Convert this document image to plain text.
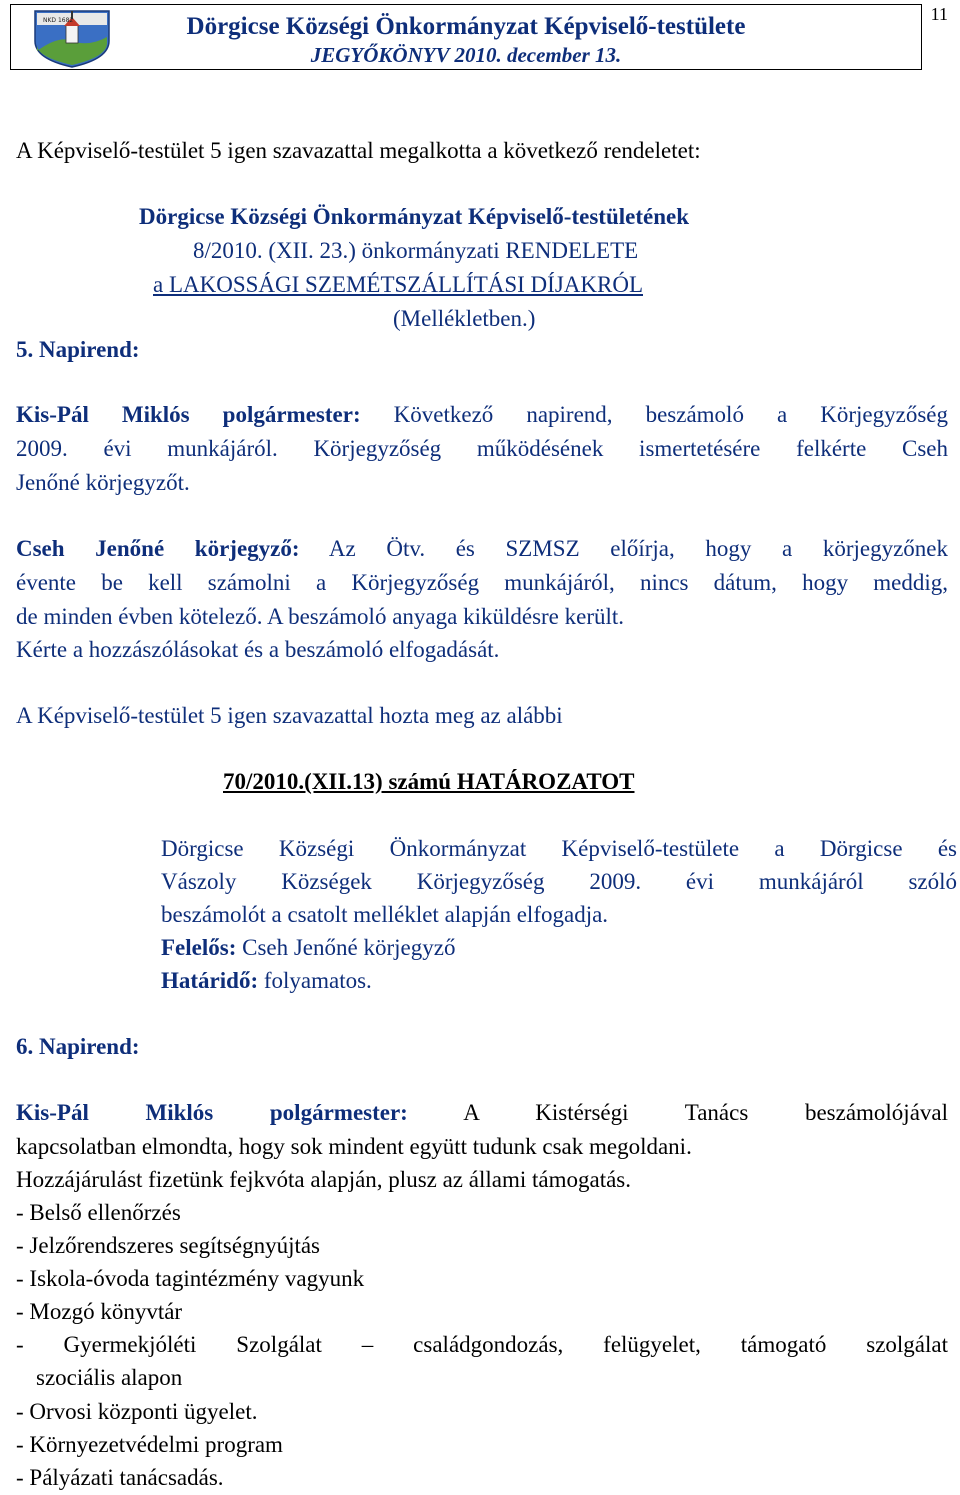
NKD 1682	Dörgicse Községi Önkormányzat Képviselő-testülete
JEGYŐKÖNYV 2010. december 13.
11
A Képviselő-testület 5 igen szavazattal megalkotta a következő rendeletet:
Dörgicse Községi Önkormányzat Képviselő-testületének
8/2010. (XII. 23.) önkormányzati RENDELETE
a LAKOSSÁGI SZEMÉTSZÁLLÍTÁSI DÍJAKRÓL
(Mellékletben.)
5. Napirend:
Kis-Pál Miklós polgármester: Következő napirend, beszámoló a Körjegyzőség
2009. évi munkájáról. Körjegyzőség működésének ismertetésére felkérte Cseh
Jenőné körjegyzőt.
Cseh Jenőné körjegyző: Az Ötv. és SZMSZ előírja, hogy a körjegyzőnek
évente be kell számolni a Körjegyzőség munkájáról, nincs dátum, hogy meddig,
de minden évben kötelező. A beszámoló anyaga kiküldésre került.
Kérte a hozzászólásokat és a beszámoló elfogadását.
A Képviselő-testület 5 igen szavazattal hozta meg az alábbi
70/2010.(XII.13) számú HATÁROZATOT
Dörgicse Községi Önkormányzat Képviselő-testülete a Dörgicse és
Vászoly Községek Körjegyzőség 2009. évi munkájáról szóló
beszámolót a csatolt melléklet alapján elfogadja.
Felelős: Cseh Jenőné körjegyző
Határidő: folyamatos.
6. Napirend:
Kis-Pál Miklós polgármester: A Kistérségi Tanács beszámolójával
kapcsolatban elmondta, hogy sok mindent együtt tudunk csak megoldani.
Hozzájárulást fizetünk fejkvóta alapján, plusz az állami támogatás.
- Belső ellenőrzés
- Jelzőrendszeres segítségnyújtás
- Iskola-óvoda tagintézmény vagyunk
- Mozgó könyvtár
- Gyermekjóléti Szolgálat – családgondozás, felügyelet, támogató szolgálat
szociális alapon
- Orvosi központi ügyelet.
- Környezetvédelmi program
- Pályázati tanácsadás.
